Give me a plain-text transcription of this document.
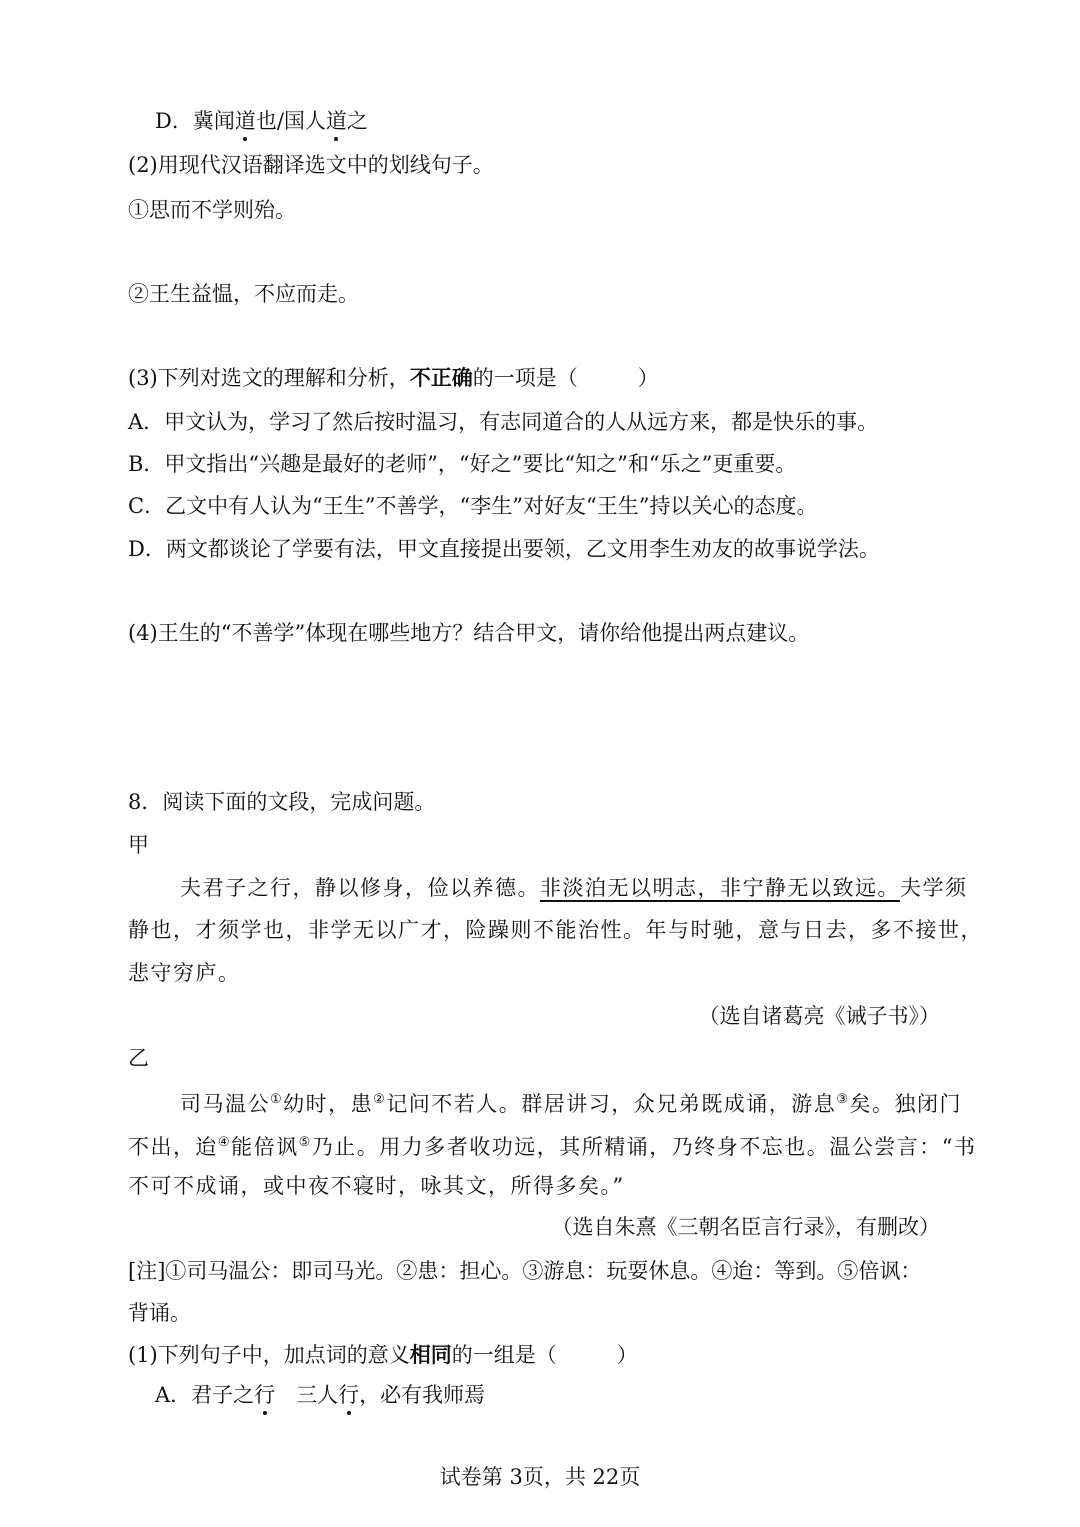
D．冀闻道也/国人道之
(2)用现代汉语翻译选文中的划线句子。
①思而不学则殆。
②王生益愠，不应而走。
(3)下列对选文的理解和分析，不正确的一项是（	）
A．甲文认为，学习了然后按时温习，有志同道合的人从远方来，都是快乐的事。
B．甲文指出“兴趣是最好的老师”，“好之”要比“知之”和“乐之”更重要。
C．乙文中有人认为“王生”不善学，“李生”对好友“王生”持以关心的态度。
D．两文都谈论了学要有法，甲文直接提出要领，乙文用李生劝友的故事说学法。
(4)王生的“不善学”体现在哪些地方？结合甲文，请你给他提出两点建议。
8．阅读下面的文段，完成问题。
甲
夫君子之行，静以修身，俭以养德。非淡泊无以明志，非宁静无以致远。夫学须
静也，才须学也，非学无以广才，险躁则不能治性。年与时驰，意与日去，多不接世，
悲守穷庐。
（选自诸葛亮《诫子书》）
乙
司马温公①幼时，患②记问不若人。群居讲习，众兄弟既成诵，游息③矣。独闭门
不出，迨④能倍讽⑤乃止。用力多者收功远，其所精诵，乃终身不忘也。温公尝言：“书
不可不成诵，或中夜不寝时，咏其文，所得多矣。”
（选自朱熹《三朝名臣言行录》，有删改）
[注]①司马温公：即司马光。②患：担心。③游息：玩耍休息。④迨：等到。⑤倍讽：
背诵。
(1)下列句子中，加点词的意义相同的一组是（	）
A．君子之行　三人行，必有我师焉
试卷第 3页，共 22页
